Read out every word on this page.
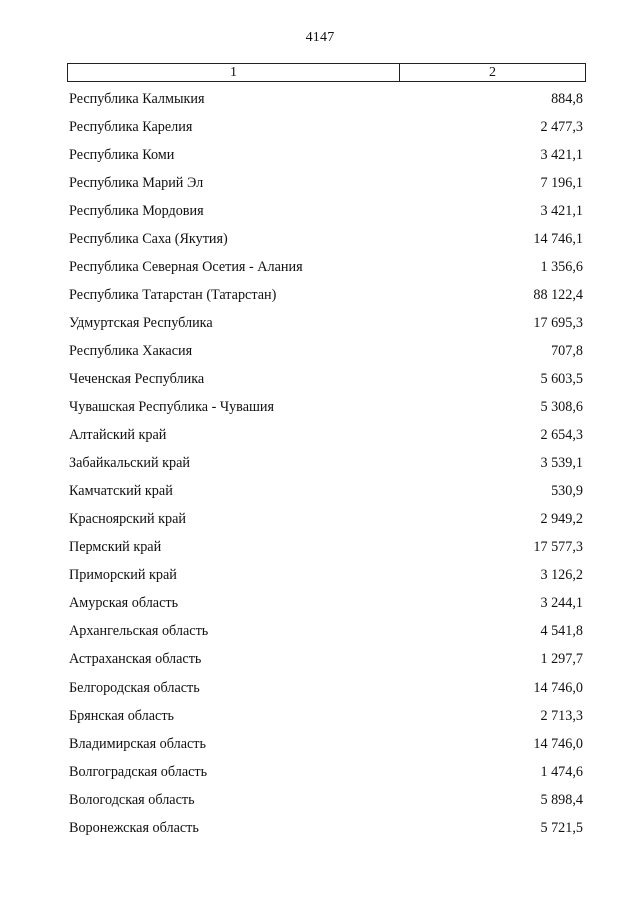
4147
1	2
Республика Калмыкия	884,8
Республика Карелия	2 477,3
Республика Коми	3 421,1
Республика Марий Эл	7 196,1
Республика Мордовия	3 421,1
Республика Саха (Якутия)	14 746,1
Республика Северная Осетия - Алания	1 356,6
Республика Татарстан (Татарстан)	88 122,4
Удмуртская Республика	17 695,3
Республика Хакасия	707,8
Чеченская Республика	5 603,5
Чувашская Республика - Чувашия	5 308,6
Алтайский край	2 654,3
Забайкальский край	3 539,1
Камчатский край	530,9
Красноярский край	2 949,2
Пермский край	17 577,3
Приморский край	3 126,2
Амурская область	3 244,1
Архангельская область	4 541,8
Астраханская область	1 297,7
Белгородская область	14 746,0
Брянская область	2 713,3
Владимирская область	14 746,0
Волгоградская область	1 474,6
Вологодская область	5 898,4
Воронежская область	5 721,5
